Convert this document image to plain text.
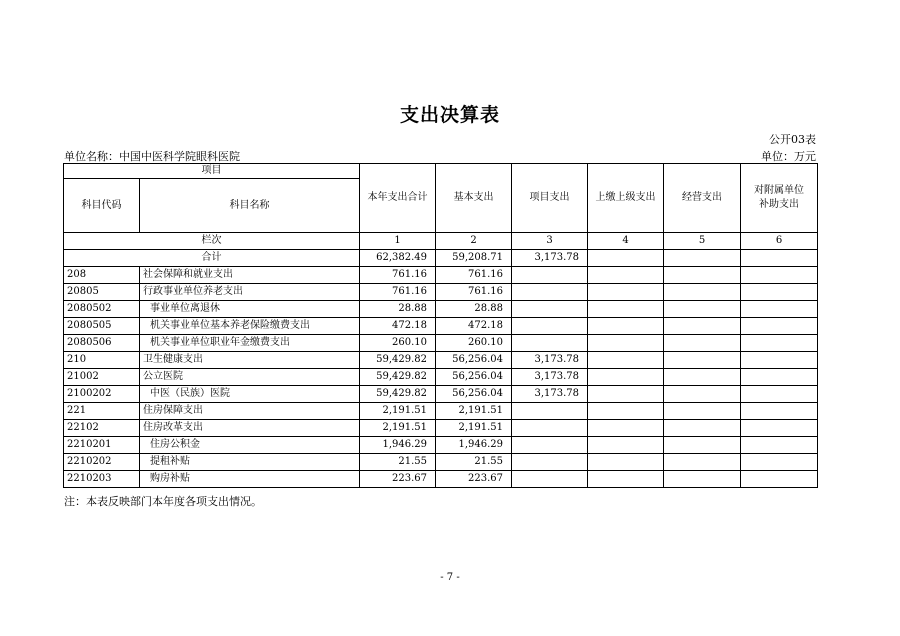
支出决算表
公开03表
单位名称：中国中医科学院眼科医院	单位：万元
项目		本年支出合计	基本支出	项目支出	上缴上级支出	经营支出	对附属单位补助支出
科目代码	科目名称						
栏次		1	2	3	4	5	6
合计		62,382.49	59,208.71	3,173.78			
208	社会保障和就业支出	761.16	761.16				
20805	行政事业单位养老支出	761.16	761.16				
2080502	事业单位离退休	28.88	28.88				
2080505	机关事业单位基本养老保险缴费支出	472.18	472.18				
2080506	机关事业单位职业年金缴费支出	260.10	260.10				
210	卫生健康支出	59,429.82	56,256.04	3,173.78			
21002	公立医院	59,429.82	56,256.04	3,173.78			
2100202	中医（民族）医院	59,429.82	56,256.04	3,173.78			
221	住房保障支出	2,191.51	2,191.51				
22102	住房改革支出	2,191.51	2,191.51				
2210201	住房公积金	1,946.29	1,946.29				
2210202	提租补贴	21.55	21.55				
2210203	购房补贴	223.67	223.67				
注：本表反映部门本年度各项支出情况。
- 7 -
